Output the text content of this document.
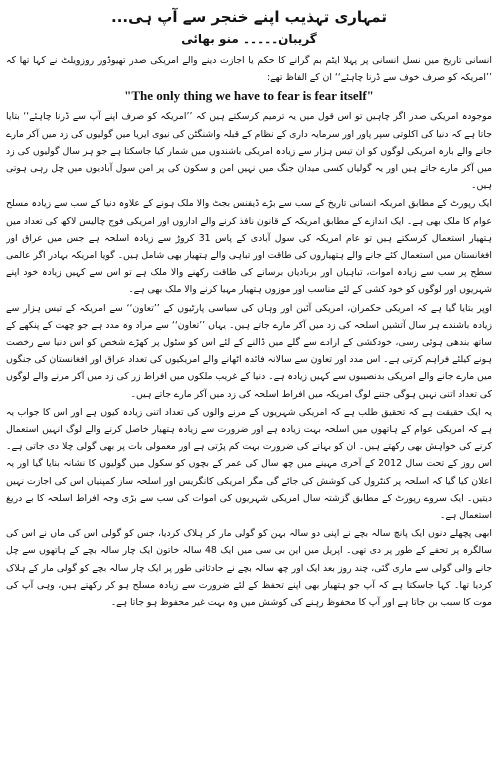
تمہاری تہذیب اپنے خنجر سے آپ ہی...
گریبان۔۔۔۔۔ منو بھائی

انسانی تاریخ میں نسل انسانی پر پہلا ایٹم بم گرانے کا حکم یا اجازت دینے والے امریکی صدر تھیوڈور روزویلٹ نے کہا تھا کہ ’’امریکہ کو صرف خوف سے ڈرنا چاہئے‘‘ ان کے الفاظ تھے:

"The only thing we have to fear is fear itself"

موجودہ امریکی صدر اگر چاہیں تو اس قول میں یہ ترمیم کرسکتے ہیں کہ ’’امریکہ کو صرف اپنے آپ سے ڈرنا چاہئے‘‘ بتایا جاتا ہے کہ دنیا کی اکلوتی سپر پاور اور سرمایہ داری کے نظام کے قبلہ واشنگٹن کی نیوی ایریا میں گولیوں کی زد میں آکر مارے جانے والے بارہ امریکی لوگوں کو ان تیس ہزار سے زیادہ امریکی باشندوں میں شمار کیا جاسکتا ہے جو ہر سال گولیوں کی زد میں آکر مارے جاتے ہیں اور یہ گولیاں کسی میدان جنگ میں نہیں امن و سکون کی پر امن سول آبادیوں میں چل رہی ہوتی ہیں۔

ایک رپورٹ کے مطابق امریکہ انسانی تاریخ کے سب سے بڑے ڈیفنس بجٹ والا ملک ہونے کے علاوہ دنیا کے سب سے زیادہ مسلح عوام کا ملک بھی ہے۔ ایک اندازے کے مطابق امریکہ کے قانون نافذ کرنے والے اداروں اور امریکی فوج چالیس لاکھ کی تعداد میں ہتھیار استعمال کرسکتے ہیں تو عام امریکہ کی سول آبادی کے پاس 31 کروڑ سے زیادہ اسلحہ ہے جس میں عراق اور افغانستان میں استعمال کئے جانے والے ہتھیاروں کی طاقت اور تباہی والے ہتھیار بھی شامل ہیں۔ گویا امریکہ بہادر اگر عالمی سطح پر سب سے زیادہ اموات، تباہیاں اور بربادیاں برسانے کی طاقت رکھنے والا ملک ہے تو اس سے کہیں زیادہ خود اپنے شہریوں اور لوگوں کو خود کشی کے لئے مناسب اور موزوں ہتھیار مہیا کرنے والا ملک بھی ہے۔

اوپر بتایا گیا ہے کہ امریکی حکمران، امریکی آئین اور وہاں کی سیاسی پارٹیوں کے ’’تعاون‘‘ سے امریکہ کے تیس ہزار سے زیادہ باشندے ہر سال آتشیں اسلحہ کی زد میں آکر مارے جاتے ہیں۔ یہاں ’’تعاون‘‘ سے مراد وہ مدد ہے جو چھت کے پنکھے کے ساتھ بندھی ہوئی رسی، خودکشی کے ارادے سے گلے میں ڈالنے کے لئے اس کو سٹول پر کھڑے شخص کو اس دنیا سے رخصت ہونے کیلئے فراہم کرتی ہے۔ اس مدد اور تعاون سے سالانہ فائدہ اٹھانے والے امریکیوں کی تعداد عراق اور افغانستان کی جنگوں میں مارے جانے والے امریکی بدنصیبوں سے کہیں زیادہ ہے۔ دنیا کے غریب ملکوں میں افراط زر کی زد میں آکر مرنے والے لوگوں کی تعداد اتنی نہیں ہوگی جتنے لوگ امریکہ میں افراط اسلحہ کی زد میں آکر مارے جاتے ہیں۔

یہ ایک حقیقت ہے کہ تحقیق طلب ہے کہ امریکی شہریوں کے مرنے والوں کی تعداد اتنی زیادہ کیوں ہے اور اس کا جواب یہ ہے کہ امریکی عوام کے ہاتھوں میں اسلحہ بہت زیادہ ہے اور ضرورت سے زیادہ ہتھیار خاصل کرنے والے لوگ انہیں استعمال کرنے کی خواہش بھی رکھتے ہیں۔ ان کو بہانے کی ضرورت بہت کم پڑتی ہے اور معمولی بات پر بھی گولی چلا دی جاتی ہے۔ اس روز کے تحت سال 2012 کے آخری مہینے میں چھ سال کی عمر کے بچوں کو سکول میں گولیوں کا نشانہ بنایا گیا اور یہ اعلان کیا گیا کہ اسلحہ پر کنٹرول کی کوشش کی جائے گی مگر امریکی کانگریس اور اسلحہ ساز کمپنیاں اس کی اجازت نہیں دیتیں۔ ایک سروے رپورٹ کے مطابق گزشتہ سال امریکی شہریوں کی اموات کی سب سے بڑی وجہ افراط اسلحہ کا بے دریغ استعمال ہے۔

ابھی پچھلے دنوں ایک پانچ سالہ بچے نے اپنی دو سالہ بہن کو گولی مار کر ہلاک کردیا، جس کو گولی اس کی ماں نے اس کی سالگرہ پر تحفے کے طور پر دی تھی۔ اپریل میں این بی سی میں ایک 48 سالہ خاتون ایک چار سالہ بچے کے ہاتھوں سے چل جانے والی گولی سے ماری گئی، چند روز بعد ایک اور چھ سالہ بچے نے حادثاتی طور پر ایک چار سالہ بچے کو گولی مار کے ہلاک کردیا تھا۔ کہا جاسکتا ہے کہ آپ جو ہتھیار بھی اپنے تحفظ کے لئے ضرورت سے زیادہ مسلح ہو کر رکھتے ہیں، وہی آپ کی موت کا سبب بن جاتا ہے اور آپ کا محفوظ رہنے کی کوشش میں وہ بہت غیر محفوظ ہو جاتا ہے۔
